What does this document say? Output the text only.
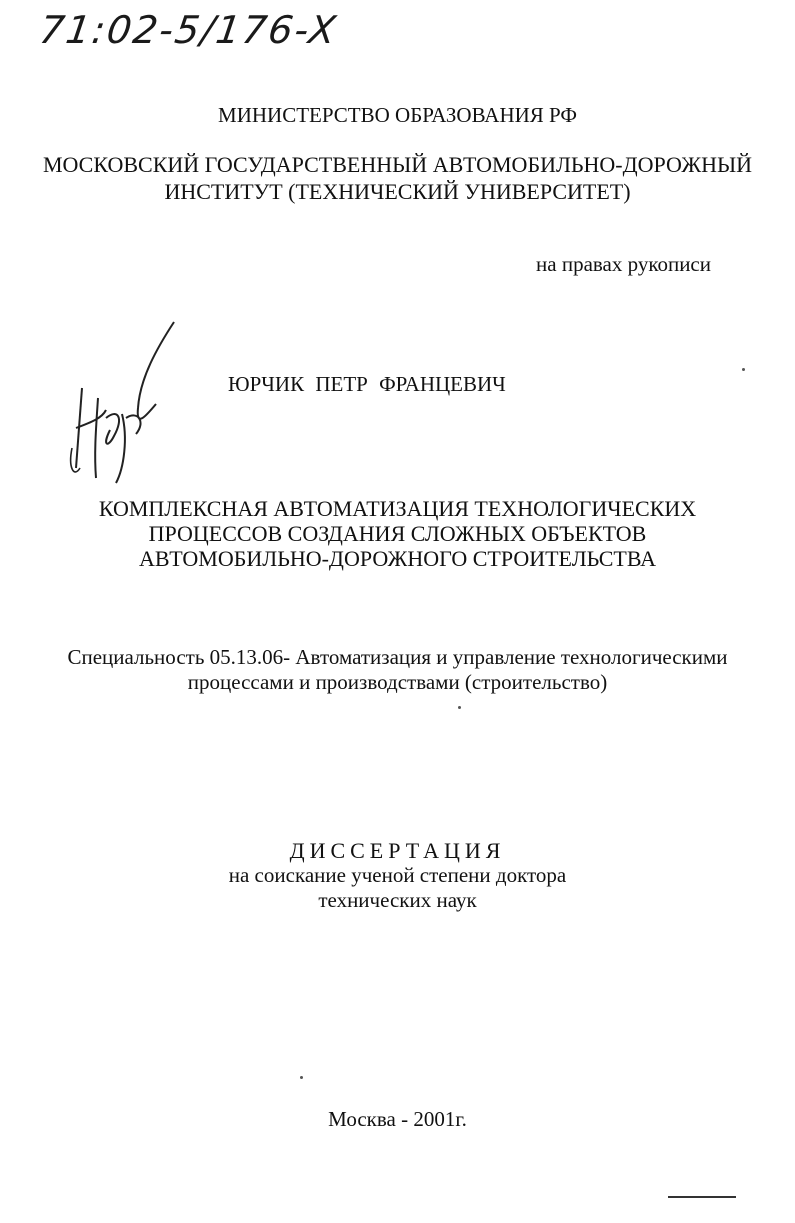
71:02-5/176-X
МИНИСТЕРСТВО ОБРАЗОВАНИЯ РФ
МОСКОВСКИЙ ГОСУДАРСТВЕННЫЙ АВТОМОБИЛЬНО-ДОРОЖНЫЙ
ИНСТИТУТ (ТЕХНИЧЕСКИЙ УНИВЕРСИТЕТ)
на правах рукописи
ЮРЧИК ПЕТР ФРАНЦЕВИЧ
КОМПЛЕКСНАЯ АВТОМАТИЗАЦИЯ ТЕХНОЛОГИЧЕСКИХ
ПРОЦЕССОВ СОЗДАНИЯ СЛОЖНЫХ ОБЪЕКТОВ
АВТОМОБИЛЬНО-ДОРОЖНОГО СТРОИТЕЛЬСТВА
Специальность 05.13.06- Автоматизация и управление технологическими
процессами и производствами (строительство)
ДИССЕРТАЦИЯ
на соискание ученой степени доктора
технических наук
Москва - 2001г.
